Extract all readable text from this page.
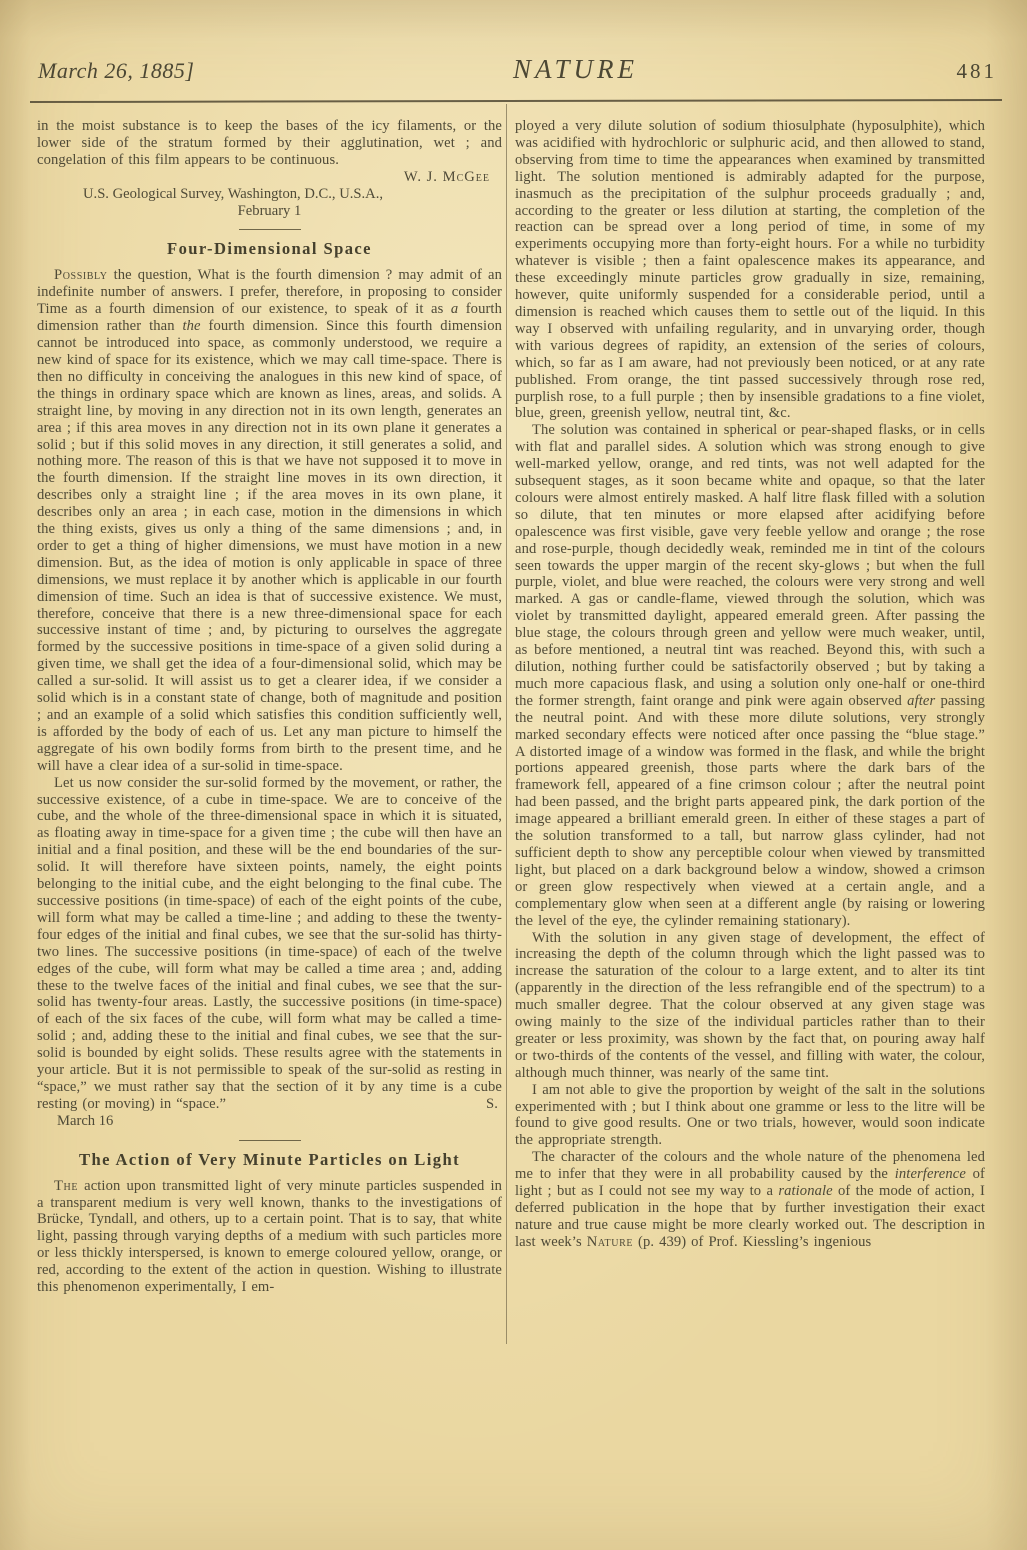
March 26, 1885]	NATURE	481

in the moist substance is to keep the bases of the icy filaments, or the lower side of the stratum formed by their agglutination, wet ; and congelation of this film appears to be continuous.

W. J. McGee
U.S. Geological Survey, Washington, D.C., U.S.A.,
February 1
Four-Dimensional Space

Possibly the question, What is the fourth dimension ? may admit of an indefinite number of answers. I prefer, therefore, in proposing to consider Time as a fourth dimension of our existence, to speak of it as a fourth dimension rather than the fourth dimension. Since this fourth dimension cannot be introduced into space, as commonly understood, we require a new kind of space for its existence, which we may call time-space. There is then no difficulty in conceiving the analogues in this new kind of space, of the things in ordinary space which are known as lines, areas, and solids. A straight line, by moving in any direction not in its own length, generates an area ; if this area moves in any direction not in its own plane it generates a solid ; but if this solid moves in any direction, it still generates a solid, and nothing more. The reason of this is that we have not supposed it to move in the fourth dimension. If the straight line moves in its own direction, it describes only a straight line ; if the area moves in its own plane, it describes only an area ; in each case, motion in the dimensions in which the thing exists, gives us only a thing of the same dimensions ; and, in order to get a thing of higher dimensions, we must have motion in a new dimension. But, as the idea of motion is only applicable in space of three dimensions, we must replace it by another which is applicable in our fourth dimension of time. Such an idea is that of successive existence. We must, therefore, conceive that there is a new three-dimensional space for each successive instant of time ; and, by picturing to ourselves the aggregate formed by the successive positions in time-space of a given solid during a given time, we shall get the idea of a four-dimensional solid, which may be called a sur-solid. It will assist us to get a clearer idea, if we consider a solid which is in a constant state of change, both of magnitude and position ; and an example of a solid which satisfies this condition sufficiently well, is afforded by the body of each of us. Let any man picture to himself the aggregate of his own bodily forms from birth to the present time, and he will have a clear idea of a sur-solid in time-space.

Let us now consider the sur-solid formed by the movement, or rather, the successive existence, of a cube in time-space. We are to conceive of the cube, and the whole of the three-dimensional space in which it is situated, as floating away in time-space for a given time ; the cube will then have an initial and a final position, and these will be the end boundaries of the sur-solid. It will therefore have sixteen points, namely, the eight points belonging to the initial cube, and the eight belonging to the final cube. The successive positions (in time-space) of each of the eight points of the cube, will form what may be called a time-line ; and adding to these the twenty-four edges of the initial and final cubes, we see that the sur-solid has thirty-two lines. The successive positions (in time-space) of each of the twelve edges of the cube, will form what may be called a time area ; and, adding these to the twelve faces of the initial and final cubes, we see that the sur-solid has twenty-four areas. Lastly, the successive positions (in time-space) of each of the six faces of the cube, will form what may be called a time-solid ; and, adding these to the initial and final cubes, we see that the sur-solid is bounded by eight solids. These results agree with the statements in your article. But it is not permissible to speak of the sur-solid as resting in “space,” we must rather say that the section of it by any time is a cube resting (or moving) in “space.”	S.

March 16
The Action of Very Minute Particles on Light

The action upon transmitted light of very minute particles suspended in a transparent medium is very well known, thanks to the investigations of Brücke, Tyndall, and others, up to a certain point. That is to say, that white light, passing through varying depths of a medium with such particles more or less thickly interspersed, is known to emerge coloured yellow, orange, or red, according to the extent of the action in question. Wishing to illustrate this phenomenon experimentally, I em-

ployed a very dilute solution of sodium thiosulphate (hyposulphite), which was acidified with hydrochloric or sulphuric acid, and then allowed to stand, observing from time to time the appearances when examined by transmitted light. The solution mentioned is admirably adapted for the purpose, inasmuch as the precipitation of the sulphur proceeds gradually ; and, according to the greater or less dilution at starting, the completion of the reaction can be spread over a long period of time, in some of my experiments occupying more than forty-eight hours. For a while no turbidity whatever is visible ; then a faint opalescence makes its appearance, and these exceedingly minute particles grow gradually in size, remaining, however, quite uniformly suspended for a considerable period, until a dimension is reached which causes them to settle out of the liquid. In this way I observed with unfailing regularity, and in unvarying order, though with various degrees of rapidity, an extension of the series of colours, which, so far as I am aware, had not previously been noticed, or at any rate published. From orange, the tint passed successively through rose red, purplish rose, to a full purple ; then by insensible gradations to a fine violet, blue, green, greenish yellow, neutral tint, &c.

The solution was contained in spherical or pear-shaped flasks, or in cells with flat and parallel sides. A solution which was strong enough to give well-marked yellow, orange, and red tints, was not well adapted for the subsequent stages, as it soon became white and opaque, so that the later colours were almost entirely masked. A half litre flask filled with a solution so dilute, that ten minutes or more elapsed after acidifying before opalescence was first visible, gave very feeble yellow and orange ; the rose and rose-purple, though decidedly weak, reminded me in tint of the colours seen towards the upper margin of the recent sky-glows ; but when the full purple, violet, and blue were reached, the colours were very strong and well marked. A gas or candle-flame, viewed through the solution, which was violet by transmitted daylight, appeared emerald green. After passing the blue stage, the colours through green and yellow were much weaker, until, as before mentioned, a neutral tint was reached. Beyond this, with such a dilution, nothing further could be satisfactorily observed ; but by taking a much more capacious flask, and using a solution only one-half or one-third the former strength, faint orange and pink were again observed after passing the neutral point. And with these more dilute solutions, very strongly marked secondary effects were noticed after once passing the “blue stage.” A distorted image of a window was formed in the flask, and while the bright portions appeared greenish, those parts where the dark bars of the framework fell, appeared of a fine crimson colour ; after the neutral point had been passed, and the bright parts appeared pink, the dark portion of the image appeared a brilliant emerald green. In either of these stages a part of the solution transformed to a tall, but narrow glass cylinder, had not sufficient depth to show any perceptible colour when viewed by transmitted light, but placed on a dark background below a window, showed a crimson or green glow respectively when viewed at a certain angle, and a complementary glow when seen at a different angle (by raising or lowering the level of the eye, the cylinder remaining stationary).

With the solution in any given stage of development, the effect of increasing the depth of the column through which the light passed was to increase the saturation of the colour to a large extent, and to alter its tint (apparently in the direction of the less refrangible end of the spectrum) to a much smaller degree. That the colour observed at any given stage was owing mainly to the size of the individual particles rather than to their greater or less proximity, was shown by the fact that, on pouring away half or two-thirds of the contents of the vessel, and filling with water, the colour, although much thinner, was nearly of the same tint.

I am not able to give the proportion by weight of the salt in the solutions experimented with ; but I think about one gramme or less to the litre will be found to give good results. One or two trials, however, would soon indicate the appropriate strength.

The character of the colours and the whole nature of the phenomena led me to infer that they were in all probability caused by the interference of light ; but as I could not see my way to a rationale of the mode of action, I deferred publication in the hope that by further investigation their exact nature and true cause might be more clearly worked out. The description in last week’s Nature (p. 439) of Prof. Kiessling’s ingenious
